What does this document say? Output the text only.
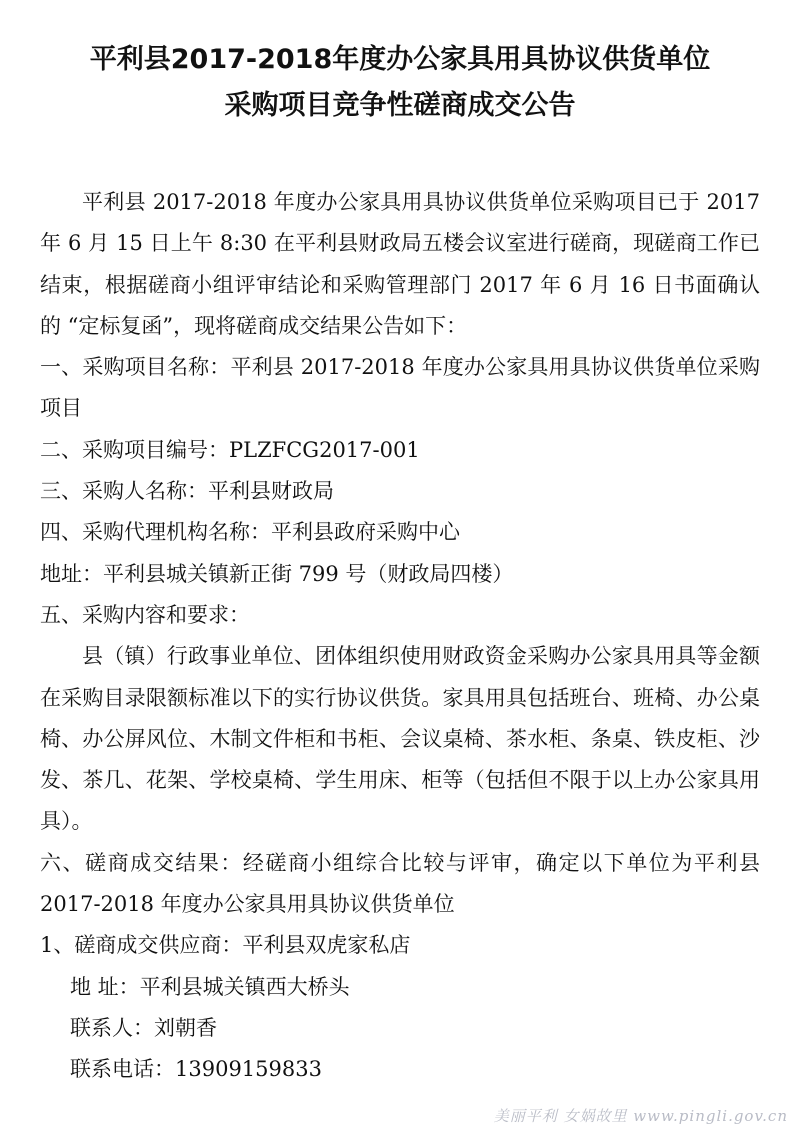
平利县2017-2018年度办公家具用具协议供货单位
采购项目竞争性磋商成交公告

平利县 2017-2018 年度办公家具用具协议供货单位采购项目已于 2017 年 6 月 15 日上午 8:30 在平利县财政局五楼会议室进行磋商，现磋商工作已结束，根据磋商小组评审结论和采购管理部门 2017 年 6 月 16 日书面确认的 “定标复函”，现将磋商成交结果公告如下：

一、采购项目名称：平利县 2017-2018 年度办公家具用具协议供货单位采购项目

二、采购项目编号：PLZFCG2017-001

三、采购人名称：平利县财政局

四、采购代理机构名称：平利县政府采购中心

地址：平利县城关镇新正街 799 号（财政局四楼）

五、采购内容和要求：

县（镇）行政事业单位、团体组织使用财政资金采购办公家具用具等金额在采购目录限额标准以下的实行协议供货。家具用具包括班台、班椅、办公桌椅、办公屏风位、木制文件柜和书柜、会议桌椅、茶水柜、条桌、铁皮柜、沙发、茶几、花架、学校桌椅、学生用床、柜等（包括但不限于以上办公家具用具）。

六、磋商成交结果：经磋商小组综合比较与评审，确定以下单位为平利县 2017-2018 年度办公家具用具协议供货单位

1、磋商成交供应商：平利县双虎家私店

地 址：平利县城关镇西大桥头

联系人：刘朝香

联系电话：13909159833

美丽平利 女娲故里 www.pingli.gov.cn
